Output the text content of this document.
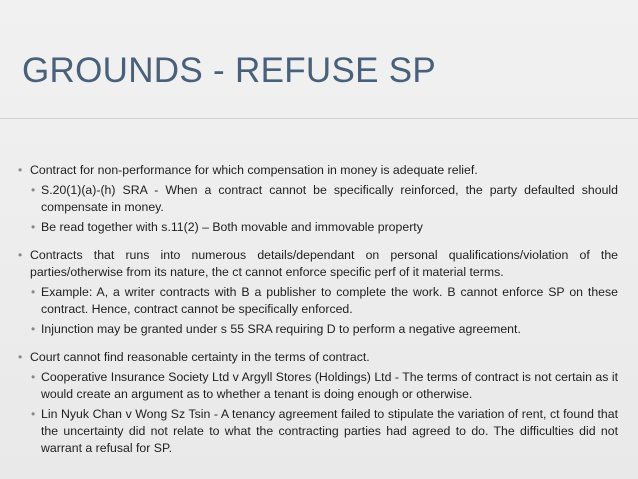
GROUNDS - REFUSE SP
• Contract for non-performance for which compensation in money is adequate relief.
• S.20(1)(a)-(h) SRA - When a contract cannot be specifically reinforced, the party defaulted should compensate in money.
• Be read together with s.11(2) – Both movable and immovable property
• Contracts that runs into numerous details/dependant on personal qualifications/violation of the parties/otherwise from its nature, the ct cannot enforce specific perf of it material terms.
• Example: A, a writer contracts with B a publisher to complete the work. B cannot enforce SP on these contract. Hence, contract cannot be specifically enforced.
• Injunction may be granted under s 55 SRA requiring D to perform a negative agreement.
• Court cannot find reasonable certainty in the terms of contract.
• Cooperative Insurance Society Ltd v Argyll Stores (Holdings) Ltd - The terms of contract is not certain as it would create an argument as to whether a tenant is doing enough or otherwise.
• Lin Nyuk Chan v Wong Sz Tsin - A tenancy agreement failed to stipulate the variation of rent, ct found that the uncertainty did not relate to what the contracting parties had agreed to do. The difficulties did not warrant a refusal for SP.
